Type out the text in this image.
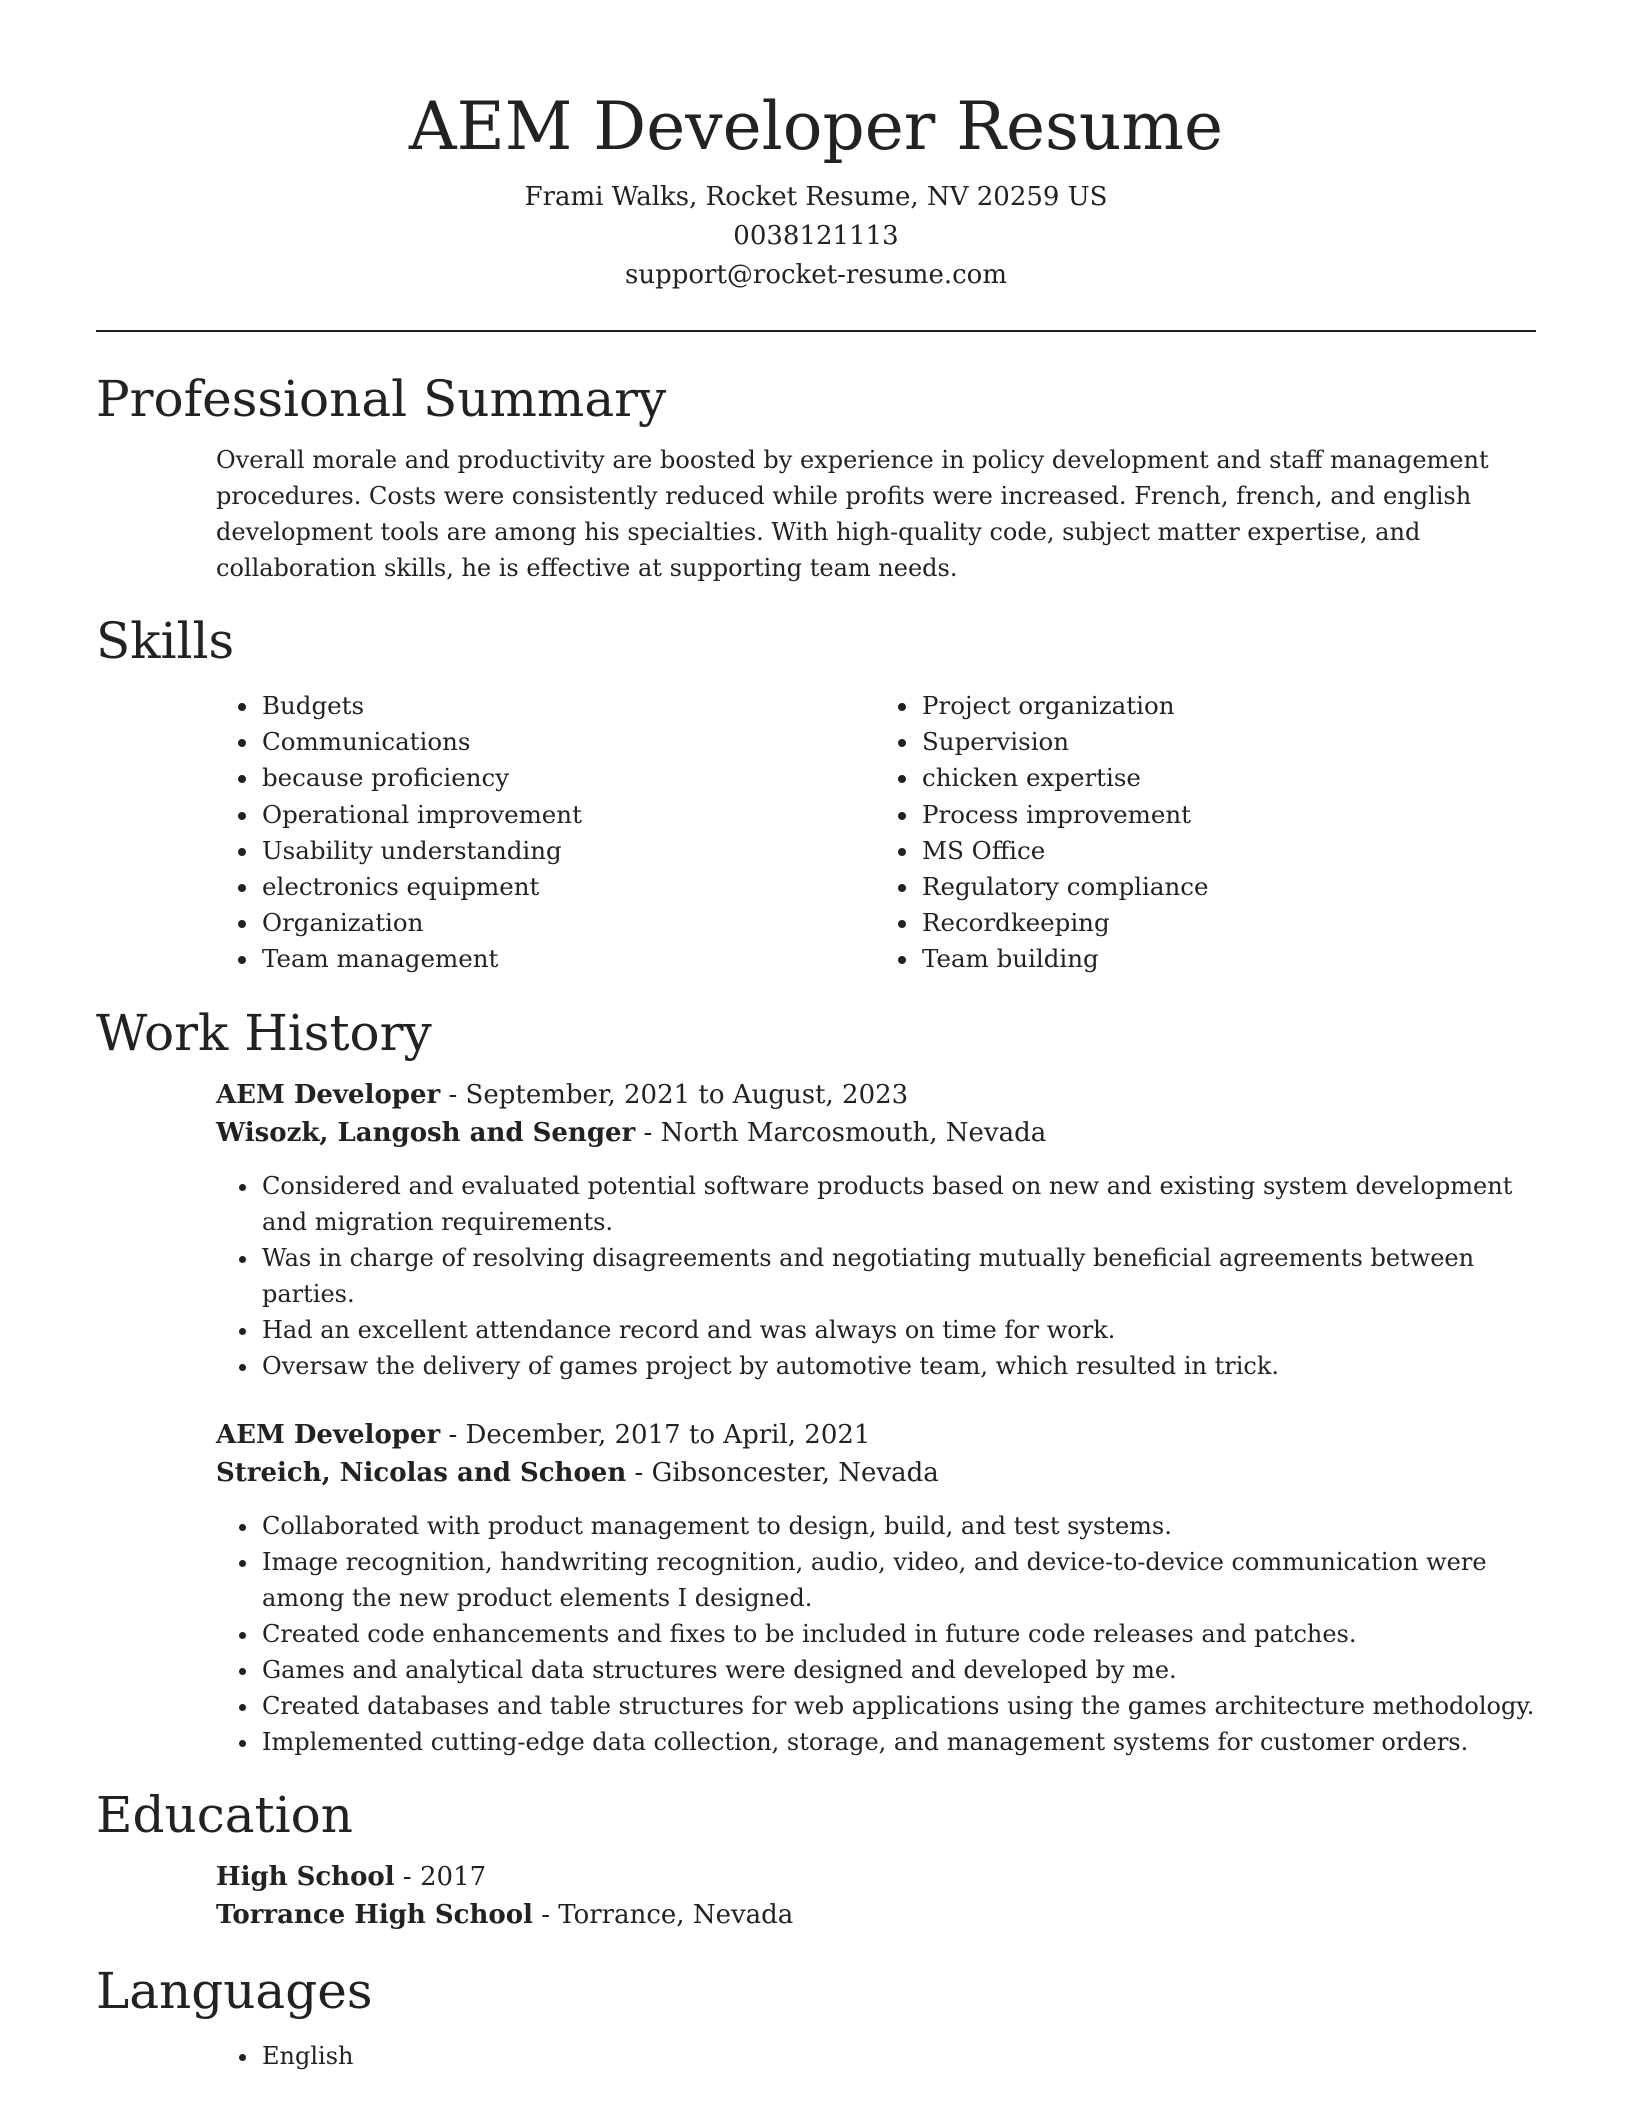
AEM Developer Resume
Frami Walks, Rocket Resume, NV 20259 US
0038121113
support@rocket-resume.com
Professional Summary

Overall morale and productivity are boosted by experience in policy development and staff management procedures. Costs were consistently reduced while profits were increased. French, french, and english development tools are among his specialties. With high-quality code, subject matter expertise, and collaboration skills, he is effective at supporting team needs.

Skills
• Budgets
• Communications
• because proficiency
• Operational improvement
• Usability understanding
• electronics equipment
• Organization
• Team management
• Project organization
• Supervision
• chicken expertise
• Process improvement
• MS Office
• Regulatory compliance
• Recordkeeping
• Team building
Work History
AEM Developer - September, 2021 to August, 2023
Wisozk, Langosh and Senger - North Marcosmouth, Nevada
• Considered and evaluated potential software products based on new and existing system development and migration requirements.
• Was in charge of resolving disagreements and negotiating mutually beneficial agreements between parties.
• Had an excellent attendance record and was always on time for work.
• Oversaw the delivery of games project by automotive team, which resulted in trick.
AEM Developer - December, 2017 to April, 2021
Streich, Nicolas and Schoen - Gibsoncester, Nevada
• Collaborated with product management to design, build, and test systems.
• Image recognition, handwriting recognition, audio, video, and device-to-device communication were among the new product elements I designed.
• Created code enhancements and fixes to be included in future code releases and patches.
• Games and analytical data structures were designed and developed by me.
• Created databases and table structures for web applications using the games architecture methodology.
• Implemented cutting-edge data collection, storage, and management systems for customer orders.
Education
High School - 2017
Torrance High School - Torrance, Nevada
Languages
• English
